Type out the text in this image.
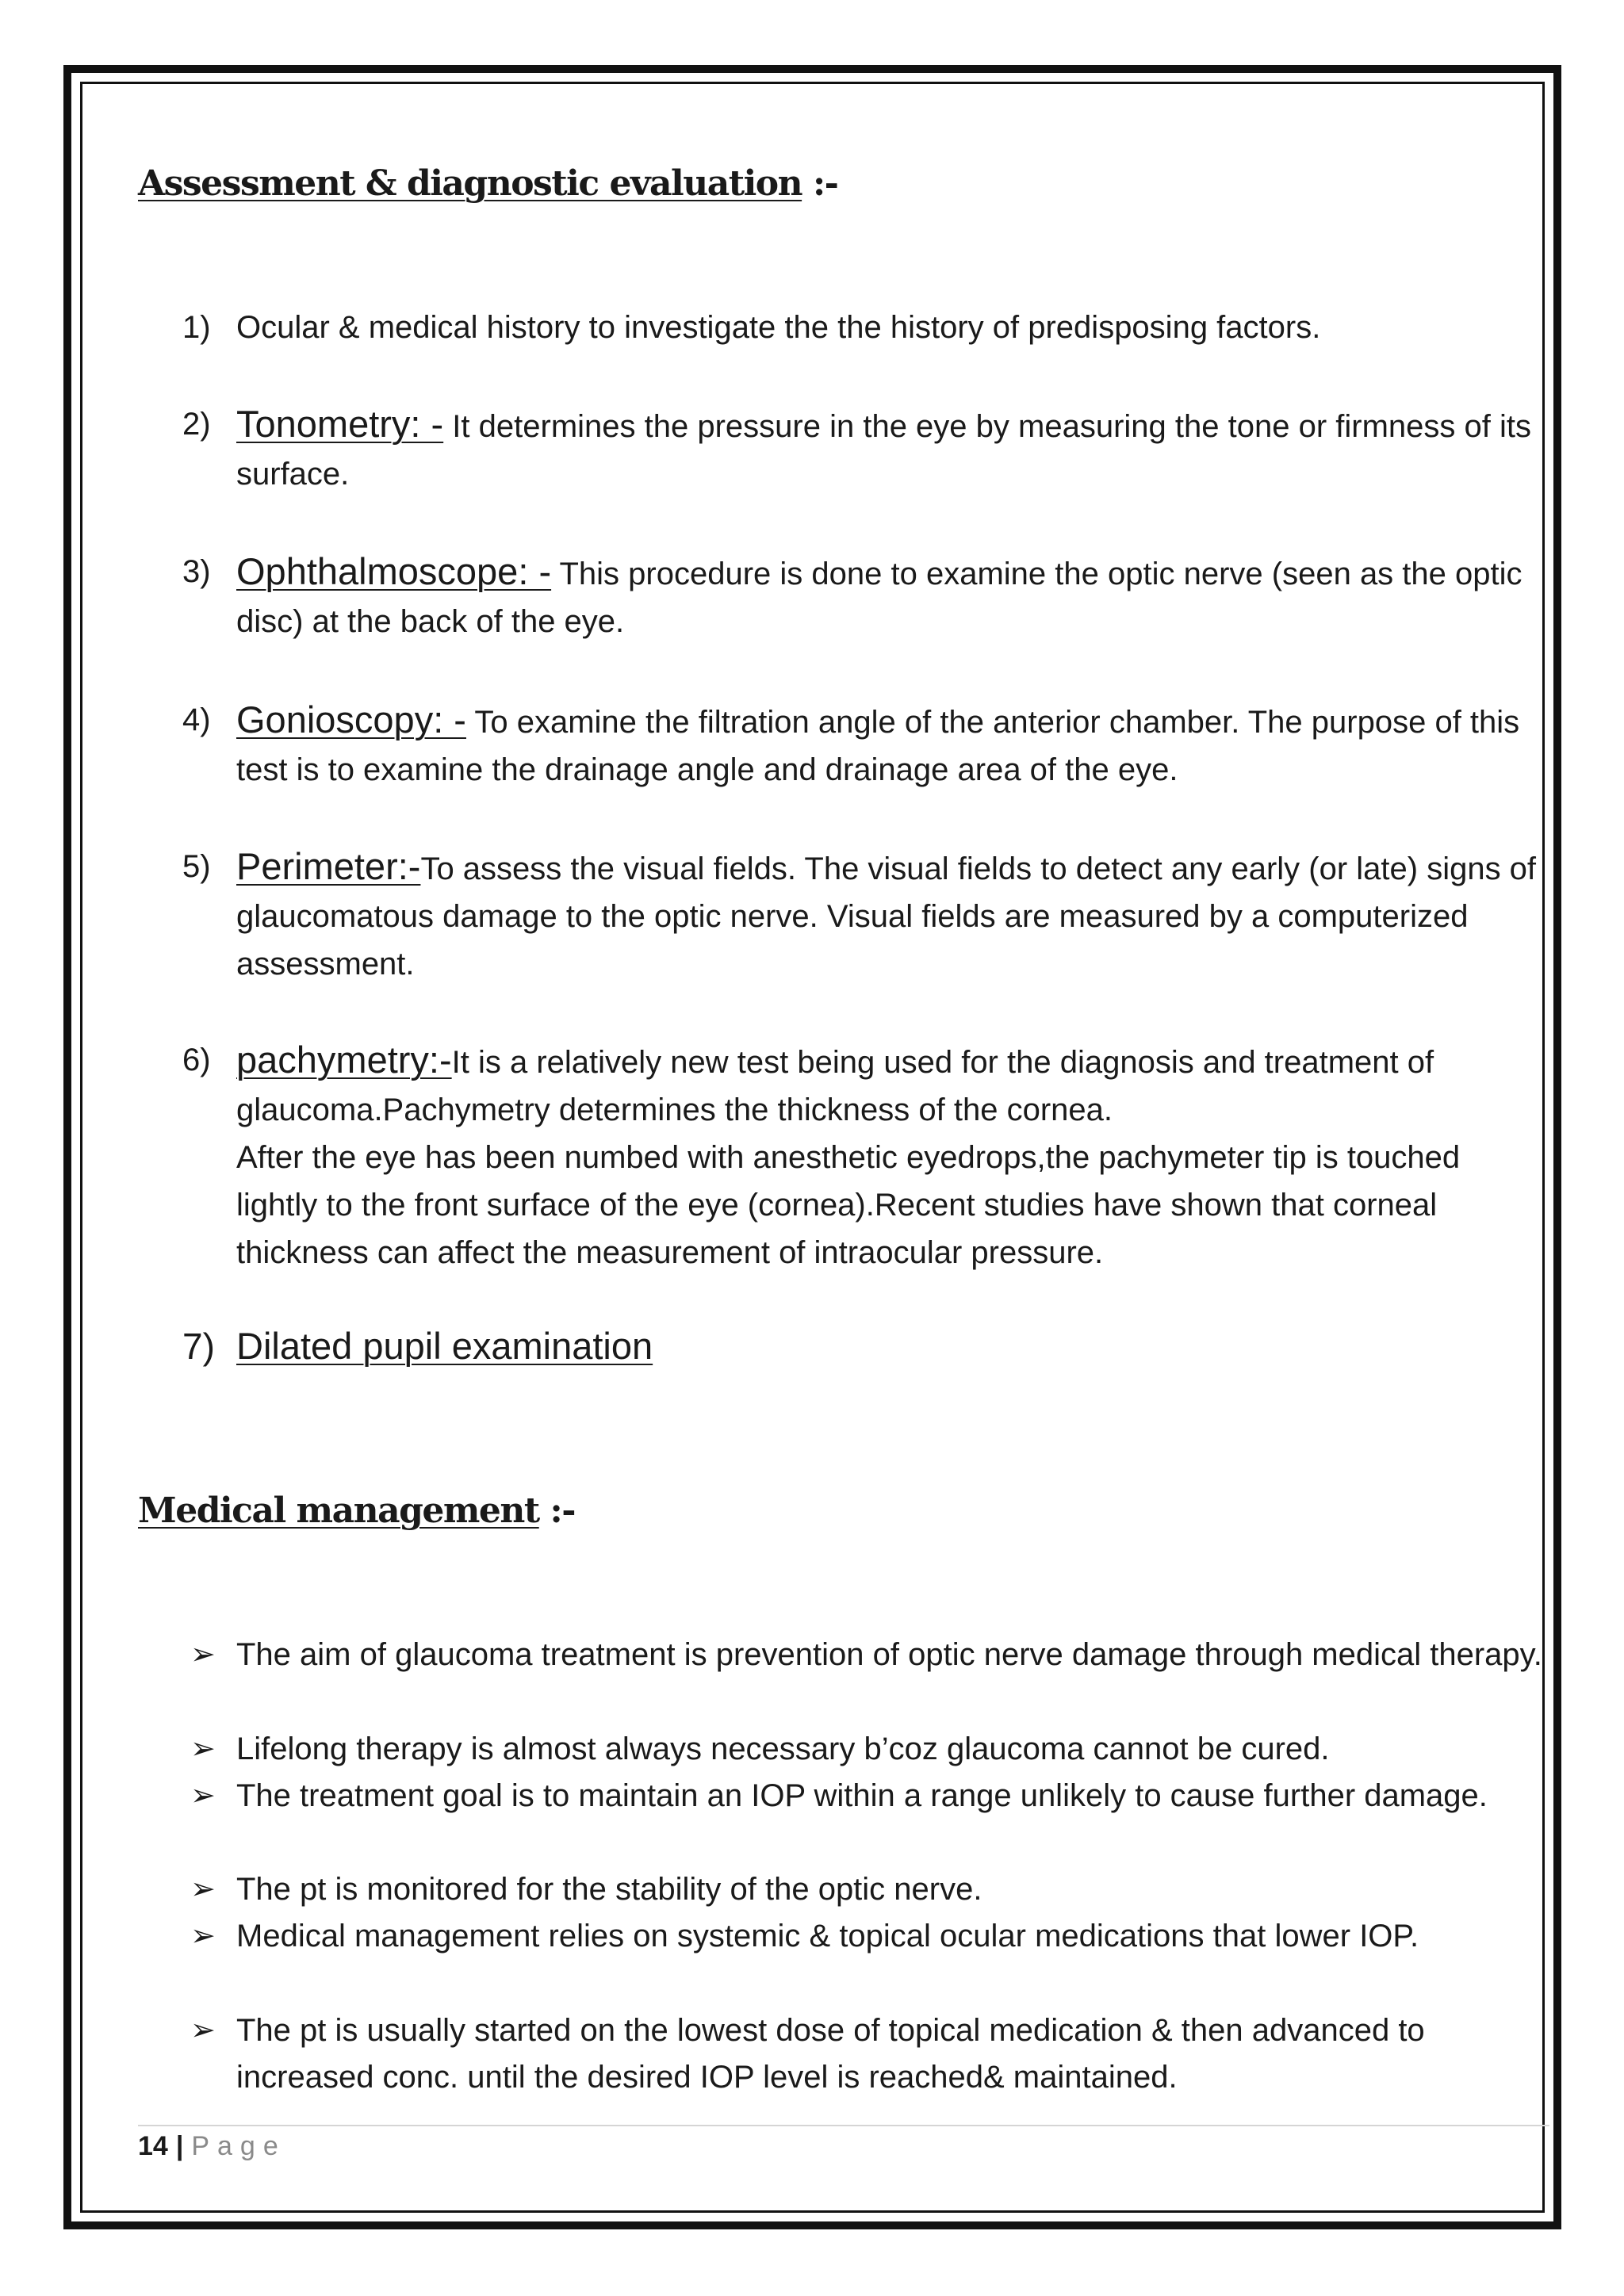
Assessment & diagnostic evaluation :-
1) Ocular & medical history to investigate the the history of predisposing factors.
2) Tonometry: - It determines the pressure in the eye by measuring the tone or firmness of its surface.
3) Ophthalmoscope: - This procedure is done to examine the optic nerve (seen as the optic disc) at the back of the eye.
4) Gonioscopy: - To examine the filtration angle of the anterior chamber. The purpose of this test is to examine the drainage angle and drainage area of the eye.
5) Perimeter:-To assess the visual fields. The visual fields to detect any early (or late) signs of glaucomatous damage to the optic nerve. Visual fields are measured by a computerized assessment.
6) pachymetry:-It is a relatively new test being used for the diagnosis and treatment of glaucoma.Pachymetry determines the thickness of the cornea.
After the eye has been numbed with anesthetic eyedrops,the pachymeter tip is touched lightly to the front surface of the eye (cornea).Recent studies have shown that corneal thickness can affect the measurement of intraocular pressure.
7) Dilated pupil examination
Medical management :-
➢ The aim of glaucoma treatment is prevention of optic nerve damage through medical therapy.
➢ Lifelong therapy is almost always necessary b’coz glaucoma cannot be cured.
➢ The treatment goal is to maintain an IOP within a range unlikely to cause further damage.
➢ The pt is monitored for the stability of the optic nerve.
➢ Medical management relies on systemic & topical ocular medications that lower IOP.
➢ The pt is usually started on the lowest dose of topical medication & then advanced to increased conc. until the desired IOP level is reached& maintained.
14 | Page
